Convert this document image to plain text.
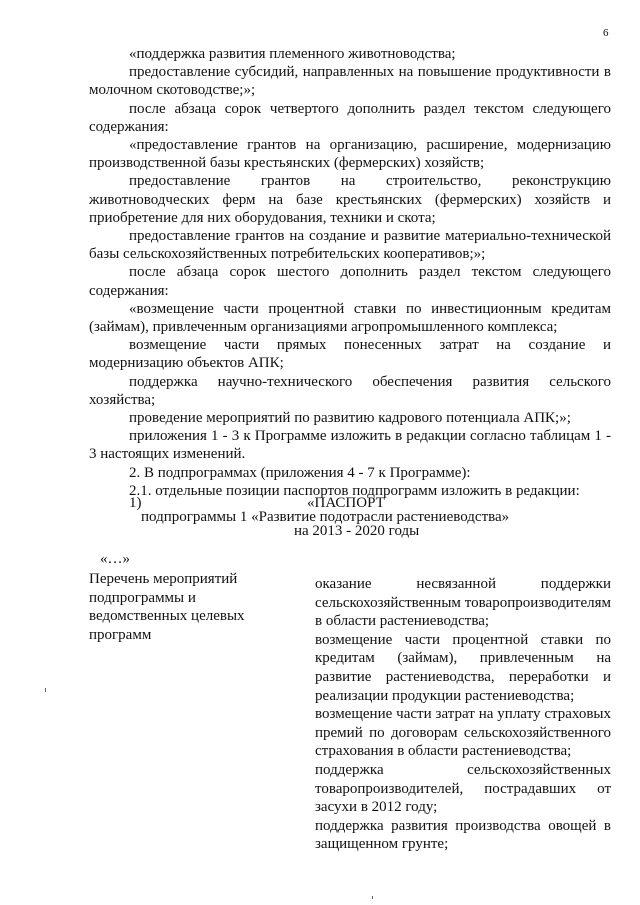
6

«поддержка развития племенного животноводства;

предоставление субсидий, направленных на повышение продуктивности в молочном скотоводстве;»;

после абзаца сорок четвертого дополнить раздел текстом следующего содержания:

«предоставление грантов на организацию, расширение, модернизацию производственной базы крестьянских (фермерских) хозяйств;

предоставление грантов на строительство, реконструкцию животноводческих ферм на базе крестьянских (фермерских) хозяйств и приобретение для них оборудования, техники и скота;

предоставление грантов на создание и развитие материально-технической базы сельскохозяйственных потребительских кооперативов;»;

после абзаца сорок шестого дополнить раздел текстом следующего содержания:

«возмещение части процентной ставки по инвестиционным кредитам (займам), привлеченным организациями агропромышленного комплекса;

возмещение части прямых понесенных затрат на создание и модернизацию объектов АПК;

поддержка научно-технического обеспечения развития сельского хозяйства;

проведение мероприятий по развитию кадрового потенциала АПК;»;

приложения 1 - 3 к Программе изложить в редакции согласно таблицам 1 - 3 настоящих изменений.

2. В подпрограммах (приложения 4 - 7 к Программе):

2.1. отдельные позиции паспортов подпрограмм изложить в редакции:

1)	«ПАСПОРТ
подпрограммы 1 «Развитие подотрасли растениеводства»
на 2013 - 2020 годы
«…»

Перечень мероприятий подпрограммы и ведомственных целевых программ

оказание несвязанной поддержки сельскохозяйственным товаропроизводителям в области растениеводства;

возмещение части процентной ставки по кредитам (займам), привлеченным на развитие растениеводства, переработки и реализации продукции растениеводства;

возмещение части затрат на уплату страховых премий по договорам сельскохозяйственного страхования в области растениеводства;

поддержка сельскохозяйственных товаропроизводителей, пострадавших от засухи в 2012 году;

поддержка развития производства овощей в защищенном грунте;
